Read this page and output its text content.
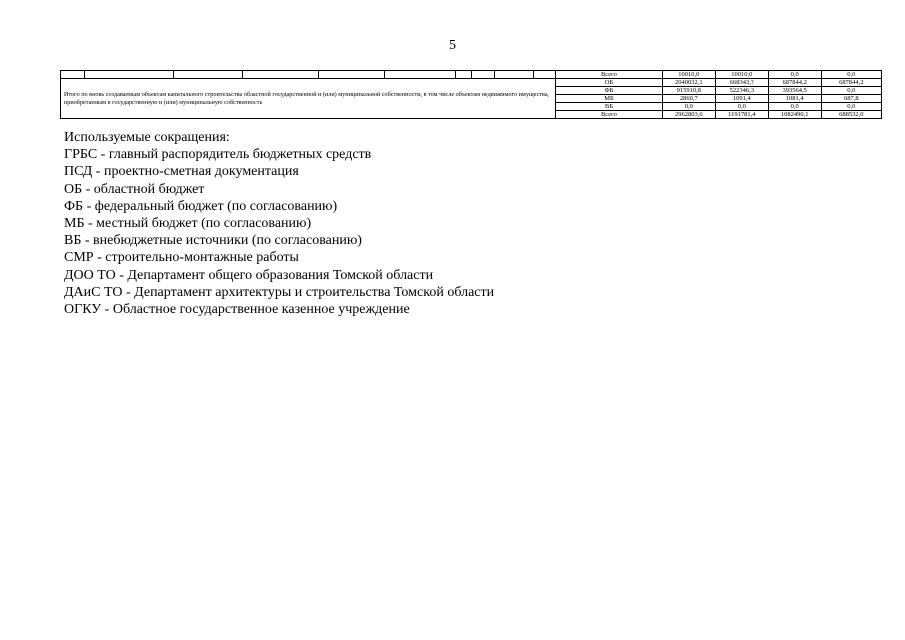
5
										Всего	10010,0	10010,0	0,0	0,0
Итого по вновь создаваемым объектам капитального строительства областной государственной и (или) муниципальной собственности, в том числе объектам недвижимого имущества, приобретаемым в государственную и (или) муниципальную собственность										ОБ	2040032,1	668343,?	687844,2	687844,2
										ФБ	915910,8	522346,3	393564,5	0,0
										МБ	2860,7	1091,4	1081,4	687,8
										ВБ	0,0	0,0	0,0	0,0
										Всего	2962803,6	1191781,4	1082490,1	688532,0
Используемые сокращения:
ГРБС - главный распорядитель бюджетных средств
ПСД - проектно-сметная документация
ОБ - областной бюджет
ФБ - федеральный бюджет (по согласованию)
МБ - местный бюджет (по согласованию)
ВБ - внебюджетные источники (по согласованию)
СМР - строительно-монтажные работы
ДОО ТО - Департамент общего образования Томской области
ДАиС ТО - Департамент архитектуры и строительства Томской области
ОГКУ - Областное государственное казенное учреждение
